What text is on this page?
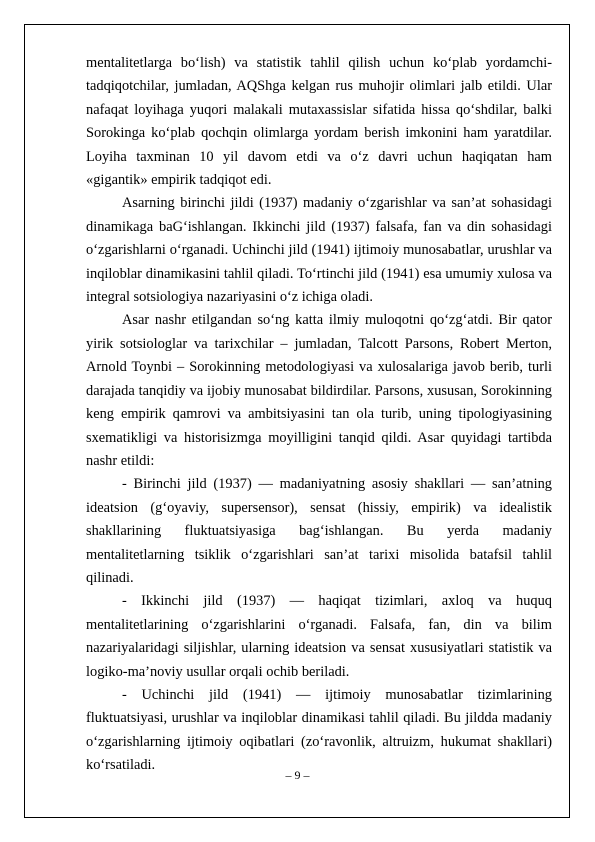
mentalitetlarga bo‘lish) va statistik tahlil qilish uchun ko‘plab yordamchi-tadqiqotchilar, jumladan, AQShga kelgan rus muhojir olimlari jalb etildi. Ular nafaqat loyihaga yuqori malakali mutaxassislar sifatida hissa qo‘shdilar, balki Sorokinga ko‘plab qochqin olimlarga yordam berish imkonini ham yaratdilar. Loyiha taxminan 10 yil davom etdi va o‘z davri uchun haqiqatan ham «gigantik» empirik tadqiqot edi.

Asarning birinchi jildi (1937) madaniy o‘zgarishlar va san’at sohasidagi dinamikaga baG‘ishlangan. Ikkinchi jild (1937) falsafa, fan va din sohasidagi o‘zgarishlarni o‘rganadi. Uchinchi jild (1941) ijtimoiy munosabatlar, urushlar va inqiloblar dinamikasini tahlil qiladi. To‘rtinchi jild (1941) esa umumiy xulosa va integral sotsiologiya nazariyasini o‘z ichiga oladi.

Asar nashr etilgandan so‘ng katta ilmiy muloqotni qo‘zg‘atdi. Bir qator yirik sotsiologlar va tarixchilar – jumladan, Talcott Parsons, Robert Merton, Arnold Toynbi – Sorokinning metodologiyasi va xulosalariga javob berib, turli darajada tanqidiy va ijobiy munosabat bildirdilar. Parsons, xususan, Sorokinning keng empirik qamrovi va ambitsiyasini tan ola turib, uning tipologiyasining sxematikligi va historisizmga moyilligini tanqid qildi. Asar quyidagi tartibda nashr etildi:

- Birinchi jild (1937) — madaniyatning asosiy shakllari — san’atning ideatsion (g‘oyaviy, supersensor), sensat (hissiy, empirik) va idealistik shakllarining fluktuatsiyasiga bag‘ishlangan. Bu yerda madaniy mentalitetlarning tsiklik o‘zgarishlari san’at tarixi misolida batafsil tahlil qilinadi.

- Ikkinchi jild (1937) — haqiqat tizimlari, axloq va huquq mentalitetlarining o‘zgarishlarini o‘rganadi. Falsafa, fan, din va bilim nazariyalaridagi siljishlar, ularning ideatsion va sensat xususiyatlari statistik va logiko-ma’noviy usullar orqali ochib beriladi.

- Uchinchi jild (1941) — ijtimoiy munosabatlar tizimlarining fluktuatsiyasi, urushlar va inqiloblar dinamikasi tahlil qiladi. Bu jildda madaniy o‘zgarishlarning ijtimoiy oqibatlari (zo‘ravonlik, altruizm, hukumat shakllari) ko‘rsatiladi.

– 9 –
